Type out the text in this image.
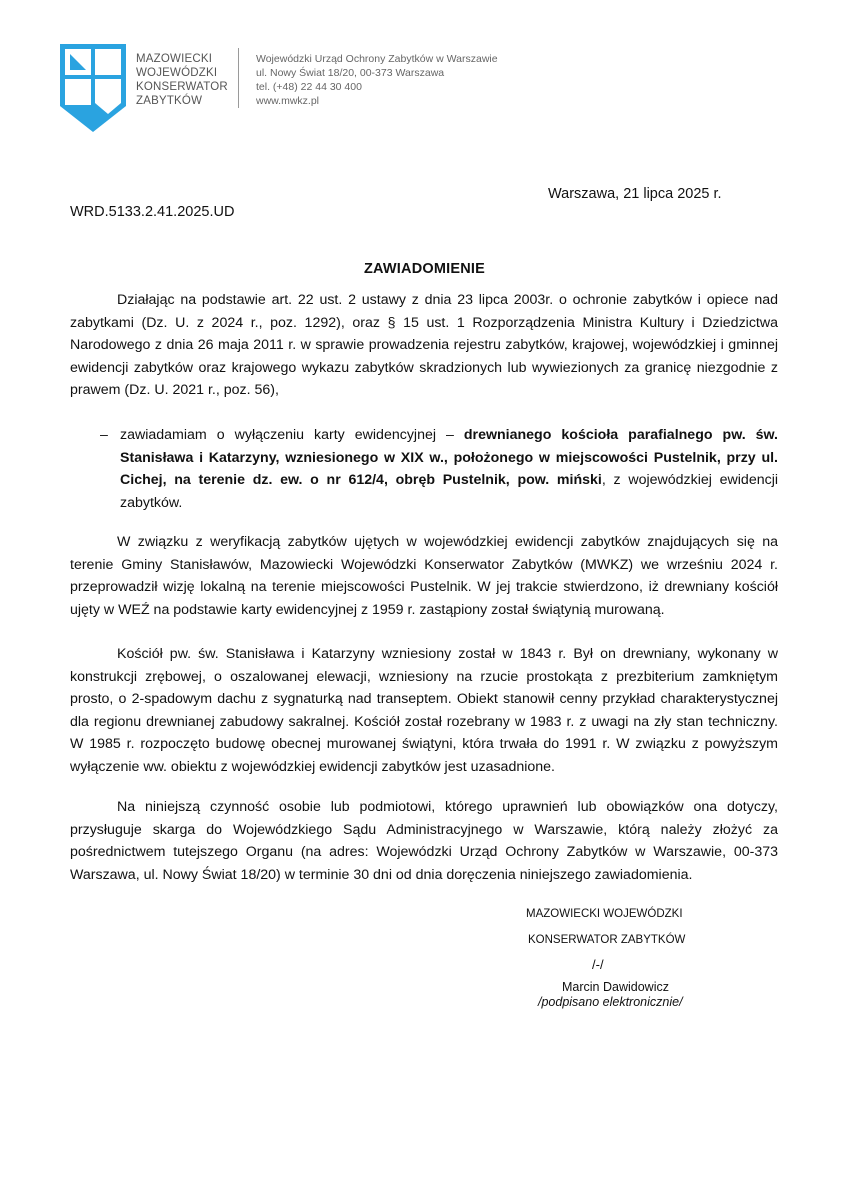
MAZOWIECKI
WOJEWÓDZKI
KONSERWATOR
ZABYTKÓW
Wojewódzki Urząd Ochrony Zabytków w Warszawie
ul. Nowy Świat 18/20, 00-373 Warszawa
tel. (+48) 22 44 30 400
www.mwkz.pl
Warszawa, 21 lipca 2025 r.
WRD.5133.2.41.2025.UD
ZAWIADOMIENIE

Działając na podstawie art. 22 ust. 2 ustawy z dnia 23 lipca 2003r. o ochronie zabytków i opiece nad zabytkami (Dz. U. z 2024 r., poz. 1292), oraz § 15 ust. 1 Rozporządzenia Ministra Kultury i Dziedzictwa Narodowego z dnia 26 maja 2011 r. w sprawie prowadzenia rejestru zabytków, krajowej, wojewódzkiej i gminnej ewidencji zabytków oraz krajowego wykazu zabytków skradzionych lub wywiezionych za granicę niezgodnie z prawem (Dz. U. 2021 r., poz. 56),

– zawiadamiam o wyłączeniu karty ewidencyjnej – drewnianego kościoła parafialnego pw. św. Stanisława i Katarzyny, wzniesionego w XIX w., położonego w miejscowości Pustelnik, przy ul. Cichej, na terenie dz. ew. o nr 612/4, obręb Pustelnik, pow. miński, z wojewódzkiej ewidencji zabytków.

W związku z weryfikacją zabytków ujętych w wojewódzkiej ewidencji zabytków znajdujących się na terenie Gminy Stanisławów, Mazowiecki Wojewódzki Konserwator Zabytków (MWKZ) we wrześniu 2024 r. przeprowadził wizję lokalną na terenie miejscowości Pustelnik. W jej trakcie stwierdzono, iż drewniany kościół ujęty w WEŹ na podstawie karty ewidencyjnej z 1959 r. zastąpiony został świątynią murowaną.

Kościół pw. św. Stanisława i Katarzyny wzniesiony został w 1843 r. Był on drewniany, wykonany w konstrukcji zrębowej, o oszalowanej elewacji, wzniesiony na rzucie prostokąta z prezbiterium zamkniętym prosto, o 2-spadowym dachu z sygnaturką nad transeptem. Obiekt stanowił cenny przykład charakterystycznej dla regionu drewnianej zabudowy sakralnej. Kościół został rozebrany w 1983 r. z uwagi na zły stan techniczny. W 1985 r. rozpoczęto budowę obecnej murowanej świątyni, która trwała do 1991 r. W związku z powyższym wyłączenie ww. obiektu z wojewódzkiej ewidencji zabytków jest uzasadnione.

Na niniejszą czynność osobie lub podmiotowi, którego uprawnień lub obowiązków ona dotyczy, przysługuje skarga do Wojewódzkiego Sądu Administracyjnego w Warszawie, którą należy złożyć za pośrednictwem tutejszego Organu (na adres: Wojewódzki Urząd Ochrony Zabytków w Warszawie, 00-373 Warszawa, ul. Nowy Świat 18/20) w terminie 30 dni od dnia doręczenia niniejszego zawiadomienia.

MAZOWIECKI WOJEWÓDZKI
KONSERWATOR ZABYTKÓW
/-/
Marcin Dawidowicz
/podpisano elektronicznie/
